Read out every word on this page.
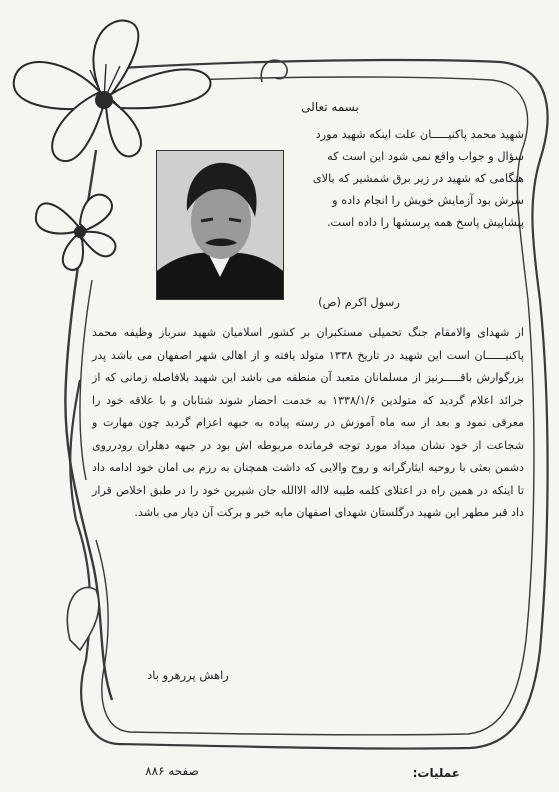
بسمه تعالی
شهید محمد پاکنیـــــان علت اینکه شهید مورد سؤال و جواب واقع نمی شود این است که هنگامی که شهید در زیر برق شمشیر که بالای سرش بود آزمایش خویش را انجام داده و پیشاپیش پاسخ همه پرسشها را داده است.
رسول اکرم (ص)

از شهدای والامقام جنگ تحمیلی مستکبران بر کشور اسلامیان شهید سرباز وظیفه محمد پاکنیــــــان است این شهید در تاریخ ۱۳۳۸ متولد یافته و از اهالی شهر اصفهان می باشد پدر بزرگوارش باقـــــرنیز از مسلمانان متعبد آن منطقه می باشد این شهید بلافاصله زمانی که از جرائد اعلام گردید که متولدین ۱۳۳۸/۱/۶ به خدمت احضار شوند شتابان و با علاقه خود را معرفی نمود و بعد از سه ماه آموزش در رسته پیاده به جبهه اعزام گردید چون مهارت و شجاعت از خود نشان میداد مورد توجه فرمانده مربوطه اش بود در جبهه دهلران رودرروی دشمن بعثی با روحیه ایثارگرانه و روح والایی که داشت همچنان به رزم بی امان خود ادامه داد تا اینکه در همین راه در اعتلای کلمه طیبه لااله الاالله جان شیرین خود را در طبق اخلاص قرار داد قبر مطهر این شهید درگلستان شهدای اصفهان مایه خیر و برکت آن دیار می باشد.

راهش پررهرو باد
عملیات:
صفحه ۸۸۶
